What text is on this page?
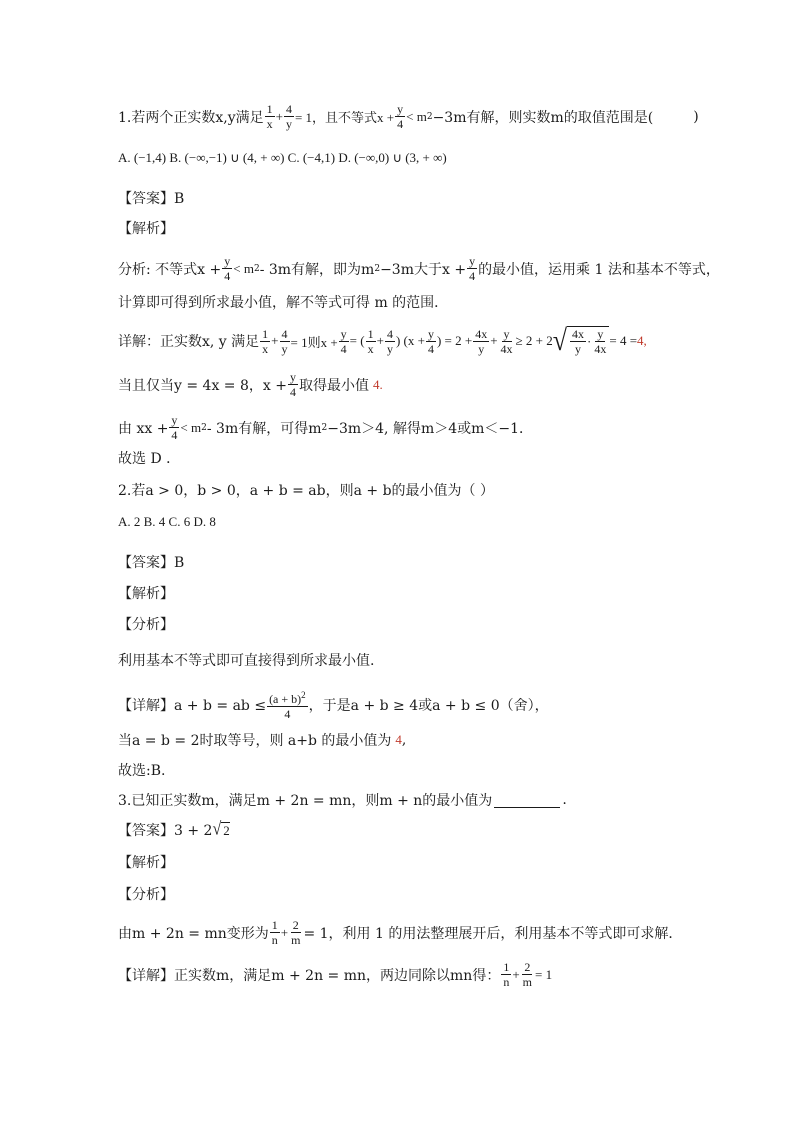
1.若两个正实数x,y满足 $\frac{1}{x} + \frac{4}{y} = 1$，且不等式$x + \frac{y}{4} < m$ 2 −3m有解，则实数m的取值范围是(	)
A. (−1,4) B. (−∞,−1) ∪ (4, + ∞) C. (−4,1) D. (−∞,0) ∪ (3, + ∞)
【答案】B
【解析】
分析: 不等式$x + \frac{y}{4} < m$ 2 - 3m有解，即为m 2 −3m大于$x + \frac{y}{4}$ 的最小值，运用乘 1 法和基本不等式，
计算即可得到所求最小值，解不等式可得 m 的范围．
详解：正实数x, y 满足 $\frac{1}{x} + \frac{4}{y} = 1$则$x + \frac{y}{4}$ = ( $\frac{1}{x} + \frac{4}{y}$ ) ($x + \frac{y}{4}$ ) = $2 + \frac{4x}{y} + \frac{y}{4x} \ge 2 + 2$ √ $\frac{4x}{y} \cdot \frac{y}{4x} = 4 = 4$,
当且仅当y = 4x = 8，$x + \frac{y}{4}$ 取得最小值 4.
由 xx + $\frac{y}{4} < m$ 2 - 3m有解，可得m 2 −3m＞4, 解得m＞4或m＜−1．
故选 D ．
2.若a > 0，b > 0，a + b = ab，则a + b的最小值为（ ）
A. 2 B. 4 C. 6 D. 8
【答案】B
【解析】
【分析】
利用基本不等式即可直接得到所求最小值.
【详解】a + b = ab ≤ $\frac{(a + b)^2}{4}$ ，于是a + b ≥ 4或a + b ≤ 0（舍），
当a = b = 2时取等号，则 a+b 的最小值为 4 ,
故选:B.
3.已知正实数m，满足m + 2n = mn，则m + n的最小值为	.
【答案】3 + 2 √ 2
【解析】
【分析】
由m + 2n = mn变形为 $\frac{1}{n} + \frac{2}{m} = 1$，利用 1 的用法整理展开后，利用基本不等式即可求解．
【详解】正实数m，满足m + 2n = mn，两边同除以mn得： $\frac{1}{n} + \frac{2}{m} = 1$
